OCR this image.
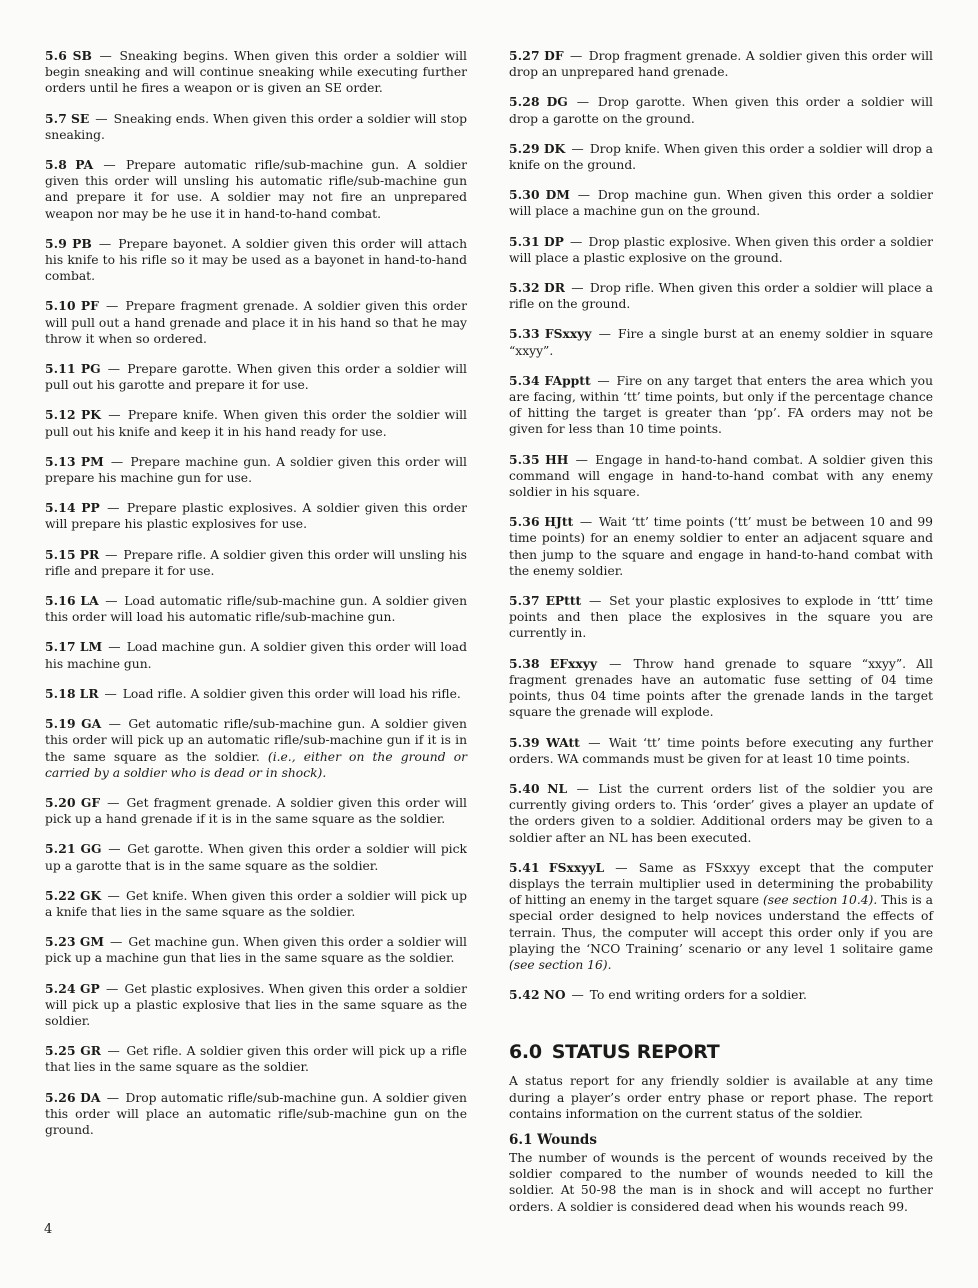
5.6 SB — Sneaking begins. When given this order a soldier will begin sneaking and will continue sneaking while executing further orders until he fires a weapon or is given an SE order.

5.7 SE — Sneaking ends. When given this order a soldier will stop sneaking.

5.8 PA — Prepare automatic rifle/sub-machine gun. A soldier given this order will unsling his automatic rifle/sub-machine gun and prepare it for use. A soldier may not fire an unprepared weapon nor may be he use it in hand-to-hand combat.

5.9 PB — Prepare bayonet. A soldier given this order will attach his knife to his rifle so it may be used as a bayonet in hand-to-hand combat.

5.10 PF — Prepare fragment grenade. A soldier given this order will pull out a hand grenade and place it in his hand so that he may throw it when so ordered.

5.11 PG — Prepare garotte. When given this order a soldier will pull out his garotte and prepare it for use.

5.12 PK — Prepare knife. When given this order the soldier will pull out his knife and keep it in his hand ready for use.

5.13 PM — Prepare machine gun. A soldier given this order will prepare his machine gun for use.

5.14 PP — Prepare plastic explosives. A soldier given this order will prepare his plastic explosives for use.

5.15 PR — Prepare rifle. A soldier given this order will unsling his rifle and prepare it for use.

5.16 LA — Load automatic rifle/sub-machine gun. A soldier given this order will load his automatic rifle/sub-machine gun.

5.17 LM — Load machine gun. A soldier given this order will load his machine gun.

5.18 LR — Load rifle. A soldier given this order will load his rifle.

5.19 GA — Get automatic rifle/sub-machine gun. A soldier given this order will pick up an automatic rifle/sub-machine gun if it is in the same square as the soldier. (i.e., either on the ground or carried by a soldier who is dead or in shock).

5.20 GF — Get fragment grenade. A soldier given this order will pick up a hand grenade if it is in the same square as the soldier.

5.21 GG — Get garotte. When given this order a soldier will pick up a garotte that is in the same square as the soldier.

5.22 GK — Get knife. When given this order a soldier will pick up a knife that lies in the same square as the soldier.

5.23 GM — Get machine gun. When given this order a soldier will pick up a machine gun that lies in the same square as the soldier.

5.24 GP — Get plastic explosives. When given this order a soldier will pick up a plastic explosive that lies in the same square as the soldier.

5.25 GR — Get rifle. A soldier given this order will pick up a rifle that lies in the same square as the soldier.

5.26 DA — Drop automatic rifle/sub-machine gun. A soldier given this order will place an automatic rifle/sub-machine gun on the ground.

5.27 DF — Drop fragment grenade. A soldier given this order will drop an unprepared hand grenade.

5.28 DG — Drop garotte. When given this order a soldier will drop a garotte on the ground.

5.29 DK — Drop knife. When given this order a soldier will drop a knife on the ground.

5.30 DM — Drop machine gun. When given this order a soldier will place a machine gun on the ground.

5.31 DP — Drop plastic explosive. When given this order a soldier will place a plastic explosive on the ground.

5.32 DR — Drop rifle. When given this order a soldier will place a rifle on the ground.

5.33 FSxxyy — Fire a single burst at an enemy soldier in square “xxyy”.

5.34 FApptt — Fire on any target that enters the area which you are facing, within ‘tt’ time points, but only if the percentage chance of hitting the target is greater than ‘pp’. FA orders may not be given for less than 10 time points.

5.35 HH — Engage in hand-to-hand combat. A soldier given this command will engage in hand-to-hand combat with any enemy soldier in his square.

5.36 HJtt — Wait ‘tt’ time points (‘tt’ must be between 10 and 99 time points) for an enemy soldier to enter an adjacent square and then jump to the square and engage in hand-to-hand combat with the enemy soldier.

5.37 EPttt — Set your plastic explosives to explode in ‘ttt’ time points and then place the explosives in the square you are currently in.

5.38 EFxxyy — Throw hand grenade to square “xxyy”. All fragment grenades have an automatic fuse setting of 04 time points, thus 04 time points after the grenade lands in the target square the grenade will explode.

5.39 WAtt — Wait ‘tt’ time points before executing any further orders. WA commands must be given for at least 10 time points.

5.40 NL — List the current orders list of the soldier you are currently giving orders to. This ‘order’ gives a player an update of the orders given to a soldier. Additional orders may be given to a soldier after an NL has been executed.

5.41 FSxxyyL — Same as FSxxyy except that the computer displays the terrain multiplier used in determining the probability of hitting an enemy in the target square (see section 10.4). This is a special order designed to help novices understand the effects of terrain. Thus, the computer will accept this order only if you are playing the ‘NCO Training’ scenario or any level 1 solitaire game (see section 16).

5.42 NO — To end writing orders for a soldier.

6.0 STATUS REPORT

A status report for any friendly soldier is available at any time during a player’s order entry phase or report phase. The report contains information on the current status of the soldier.

6.1 Wounds

The number of wounds is the percent of wounds received by the soldier compared to the number of wounds needed to kill the soldier. At 50-98 the man is in shock and will accept no further orders. A soldier is considered dead when his wounds reach 99.

4
